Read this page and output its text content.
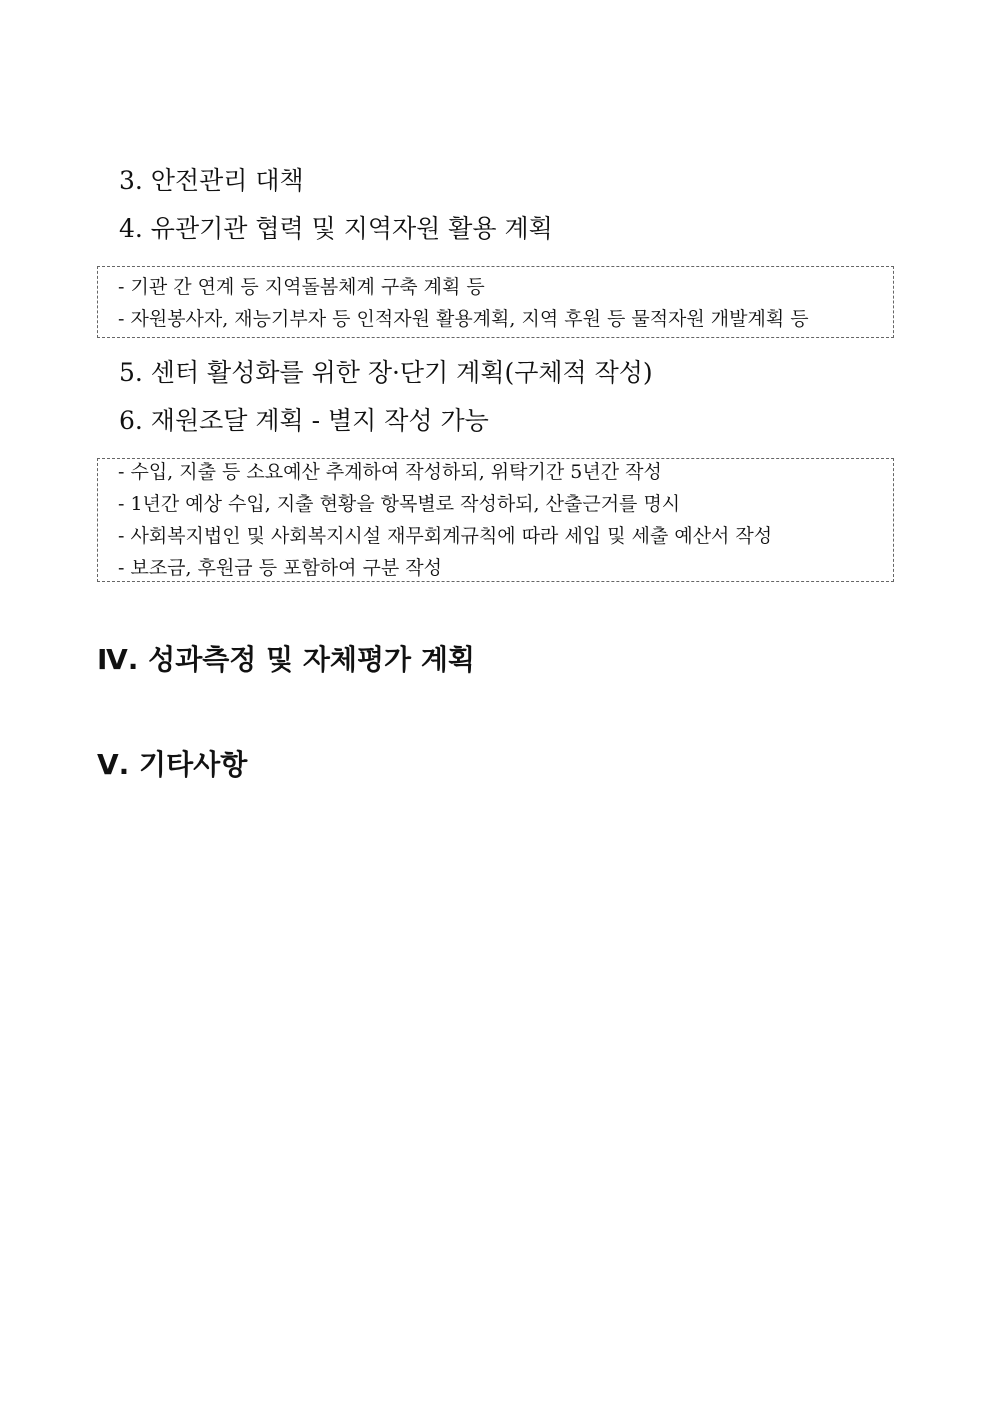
3. 안전관리 대책
4. 유관기관 협력 및 지역자원 활용 계획
- 기관 간 연계 등 지역돌봄체계 구축 계획 등
- 자원봉사자, 재능기부자 등 인적자원 활용계획, 지역 후원 등 물적자원 개발계획 등
5. 센터 활성화를 위한 장·단기 계획(구체적 작성)
6. 재원조달 계획 - 별지 작성 가능
- 수입, 지출 등 소요예산 추계하여 작성하되, 위탁기간 5년간 작성
- 1년간 예상 수입, 지출 현황을 항목별로 작성하되, 산출근거를 명시
- 사회복지법인 및 사회복지시설 재무회계규칙에 따라 세입 및 세출 예산서 작성
- 보조금, 후원금 등 포함하여 구분 작성
Ⅳ. 성과측정 및 자체평가 계획
Ⅴ. 기타사항
